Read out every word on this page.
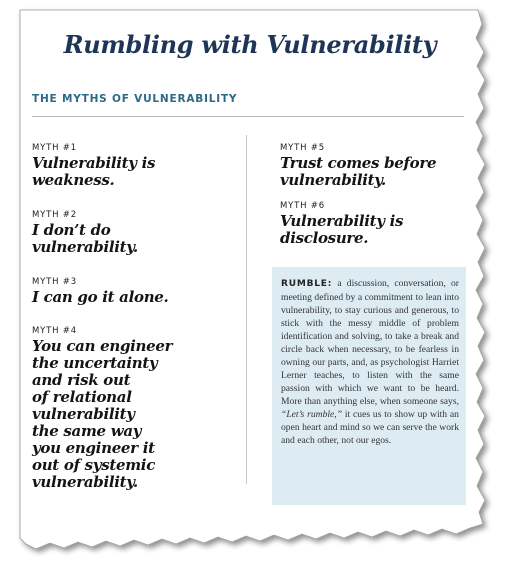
Rumbling with Vulnerability
THE MYTHS OF VULNERABILITY
MYTH #1
Vulnerability is
weakness.
MYTH #2
I don’t do
vulnerability.
MYTH #3
I can go it alone.
MYTH #4
You can engineer
the uncertainty
and risk out
of relational
vulnerability
the same way
you engineer it
out of systemic
vulnerability.
MYTH #5
Trust comes before
vulnerability.
MYTH #6
Vulnerability is
disclosure.

RUMBLE: a discussion, conversation, or meeting defined by a commitment to lean into vulnerability, to stay curious and generous, to stick with the messy middle of problem identification and solving, to take a break and circle back when necessary, to be fearless in owning our parts, and, as psychologist Harriet Lerner teaches, to listen with the same passion with which we want to be heard. More than anything else, when someone says, “Let’s rumble,” it cues us to show up with an open heart and mind so we can serve the work and each other, not our egos.
